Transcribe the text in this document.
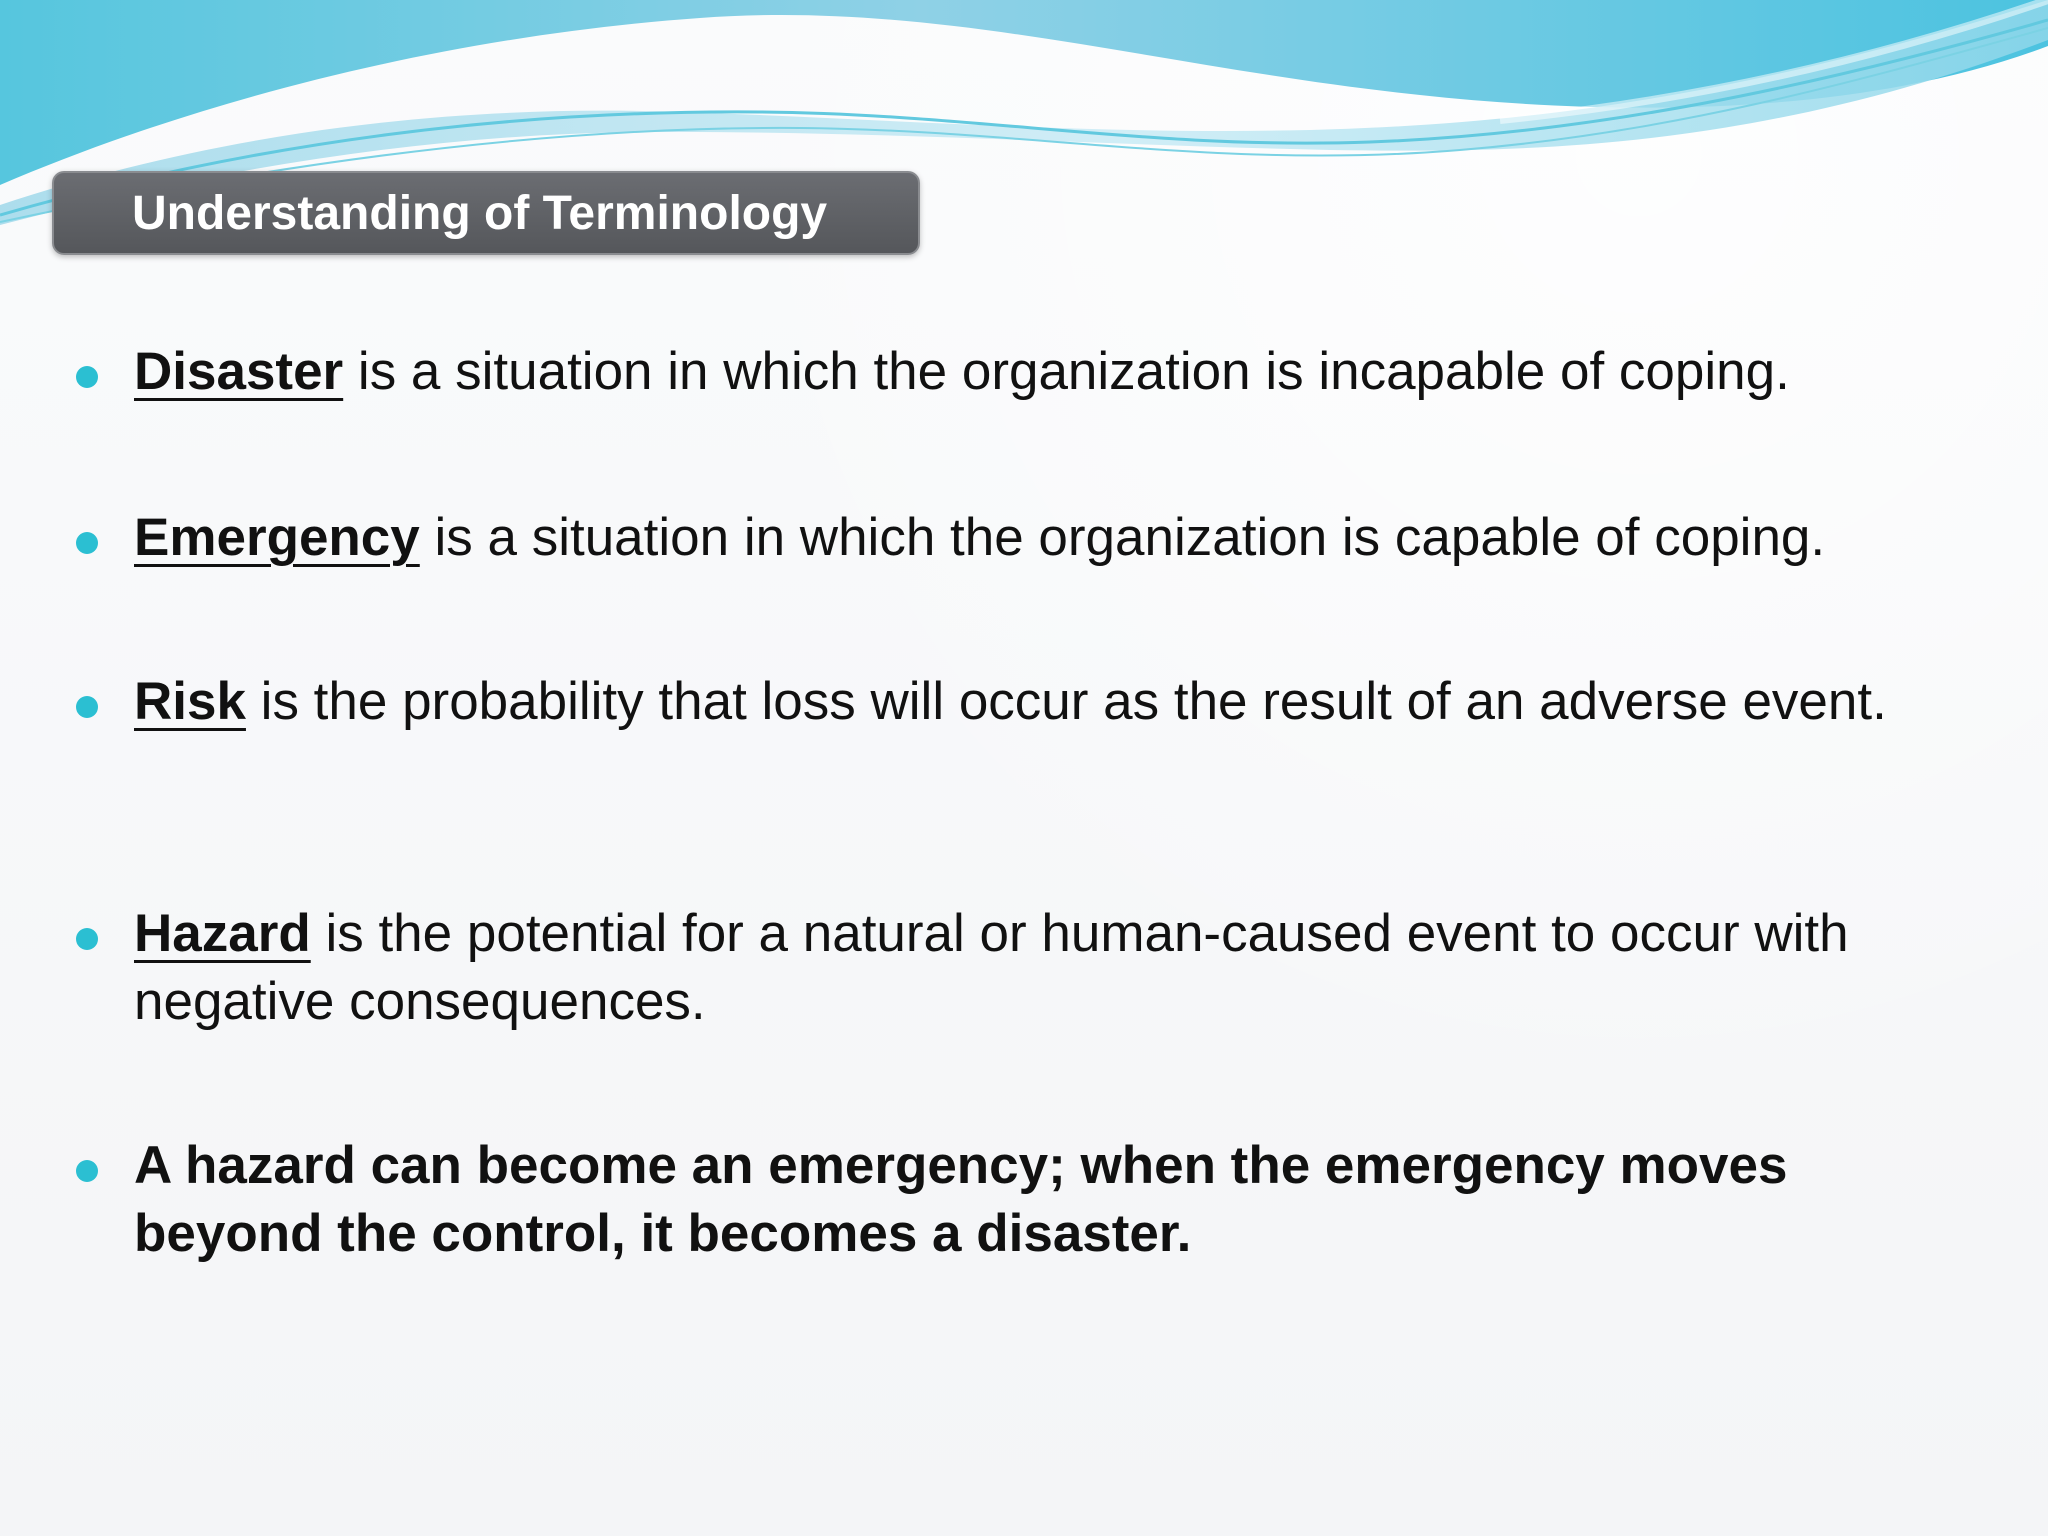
Understanding of Terminology
Disaster is a situation in which the organization is incapable of coping.
Emergency is a situation in which the organization is capable of coping.
Risk is the probability that loss will occur as the result of an adverse event.
Hazard is the potential for a natural or human-caused event to occur with negative consequences.
A hazard can become an emergency; when the emergency moves beyond the control, it becomes a disaster.
